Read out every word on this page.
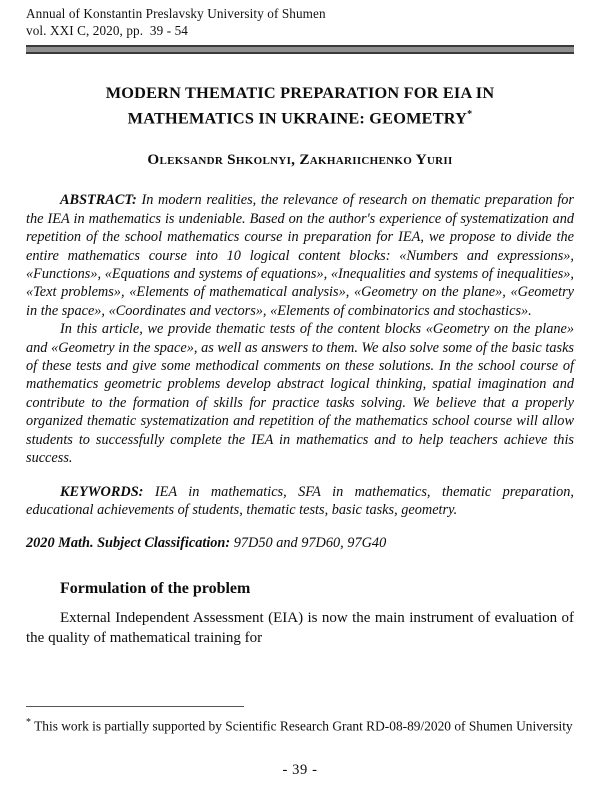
Annual of Konstantin Preslavsky University of Shumen
vol. XXI C, 2020, pp.  39 - 54
MODERN THEMATIC PREPARATION FOR EIA IN
MATHEMATICS IN UKRAINE: GEOMETRY*
Oleksandr Shkolnyi, Zakhariichenko Yurii

ABSTRACT: In modern realities, the relevance of research on thematic preparation for the IEA in mathematics is undeniable. Based on the author's experience of systematization and repetition of the school mathematics course in preparation for IEA, we propose to divide the entire mathematics course into 10 logical content blocks: «Numbers and expressions», «Functions», «Equations and systems of equations», «Inequalities and systems of inequalities», «Text problems», «Elements of mathematical analysis», «Geometry on the plane», «Geometry in the space», «Coordinates and vectors», «Elements of combinatorics and stochastics».

In this article, we provide thematic tests of the content blocks «Geometry on the plane» and «Geometry in the space», as well as answers to them. We also solve some of the basic tasks of these tests and give some methodical comments on these solutions. In the school course of mathematics geometric problems develop abstract logical thinking, spatial imagination and contribute to the formation of skills for practice tasks solving. We believe that a properly organized thematic systematization and repetition of the mathematics school course will allow students to successfully complete the IEA in mathematics and to help teachers achieve this success.

KEYWORDS: IEA in mathematics, SFA in mathematics, thematic preparation, educational achievements of students, thematic tests, basic tasks, geometry.
2020 Math. Subject Classification: 97D50 and 97D60, 97G40
Formulation of the problem
External Independent Assessment (EIA) is now the main instrument of evaluation of the quality of mathematical training for
* This work is partially supported by Scientific Research Grant RD-08-89/2020 of Shumen University
- 39 -
